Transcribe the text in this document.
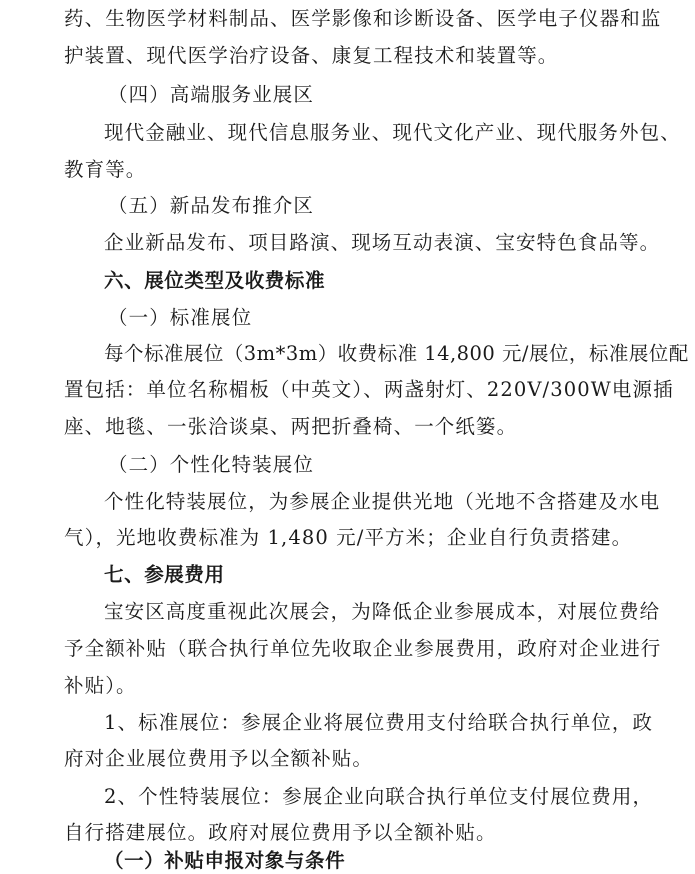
药、生物医学材料制品、医学影像和诊断设备、医学电子仪器和监
护装置、现代医学治疗设备、康复工程技术和装置等。
（四）高端服务业展区
现代金融业、现代信息服务业、现代文化产业、现代服务外包、
教育等。
（五）新品发布推介区
企业新品发布、项目路演、现场互动表演、宝安特色食品等。
六、展位类型及收费标准
（一）标准展位
每个标准展位（3m*3m）收费标准 14,800 元/展位，标准展位配
置包括：单位名称楣板（中英文）、两盏射灯、220V/300W电源插
座、地毯、一张洽谈桌、两把折叠椅、一个纸篓。
（二）个性化特装展位
个性化特装展位，为参展企业提供光地（光地不含搭建及水电
气），光地收费标准为 1,480 元/平方米；企业自行负责搭建。
七、参展费用
宝安区高度重视此次展会，为降低企业参展成本，对展位费给
予全额补贴（联合执行单位先收取企业参展费用，政府对企业进行
补贴）。
1、标准展位：参展企业将展位费用支付给联合执行单位，政
府对企业展位费用予以全额补贴。
2、个性特装展位：参展企业向联合执行单位支付展位费用，
自行搭建展位。政府对展位费用予以全额补贴。
（一）补贴申报对象与条件
